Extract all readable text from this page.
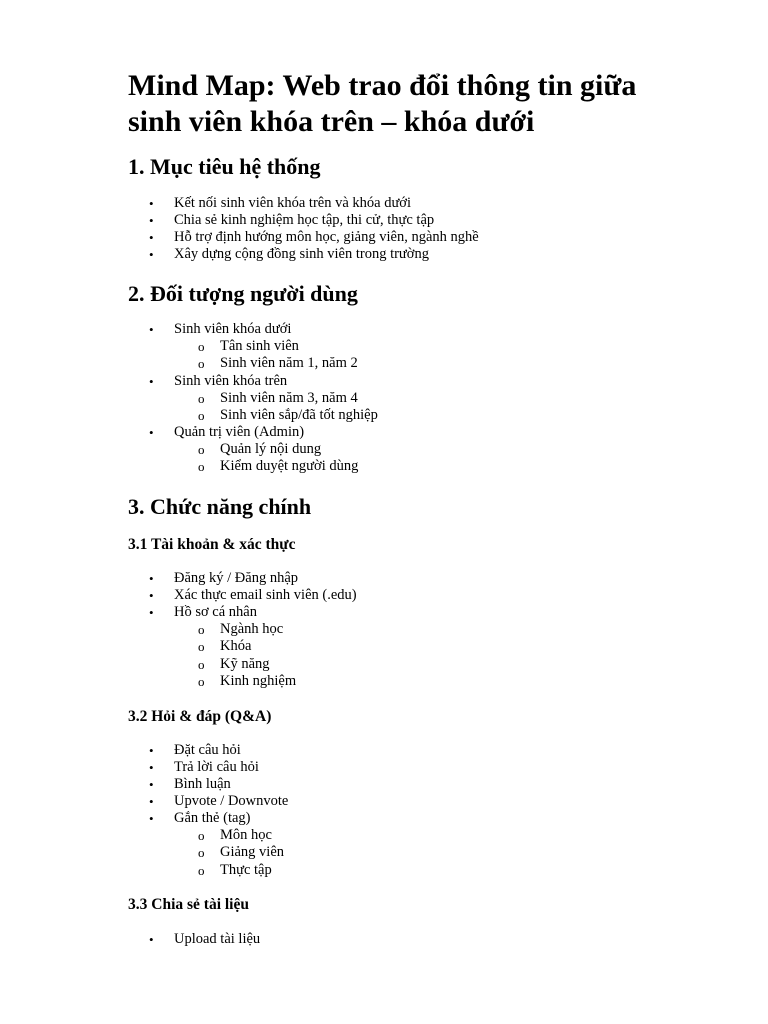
Mind Map: Web trao đổi thông tin giữa sinh viên khóa trên – khóa dưới
1. Mục tiêu hệ thống
• Kết nối sinh viên khóa trên và khóa dưới
• Chia sẻ kinh nghiệm học tập, thi cử, thực tập
• Hỗ trợ định hướng môn học, giảng viên, ngành nghề
• Xây dựng cộng đồng sinh viên trong trường
2. Đối tượng người dùng
• Sinh viên khóa dưới
o Tân sinh viên
o Sinh viên năm 1, năm 2
• Sinh viên khóa trên
o Sinh viên năm 3, năm 4
o Sinh viên sắp/đã tốt nghiệp
• Quản trị viên (Admin)
o Quản lý nội dung
o Kiểm duyệt người dùng
3. Chức năng chính
3.1 Tài khoản & xác thực
• Đăng ký / Đăng nhập
• Xác thực email sinh viên (.edu)
• Hồ sơ cá nhân
o Ngành học
o Khóa
o Kỹ năng
o Kinh nghiệm
3.2 Hỏi & đáp (Q&A)
• Đặt câu hỏi
• Trả lời câu hỏi
• Bình luận
• Upvote / Downvote
• Gắn thẻ (tag)
o Môn học
o Giảng viên
o Thực tập
3.3 Chia sẻ tài liệu
• Upload tài liệu
